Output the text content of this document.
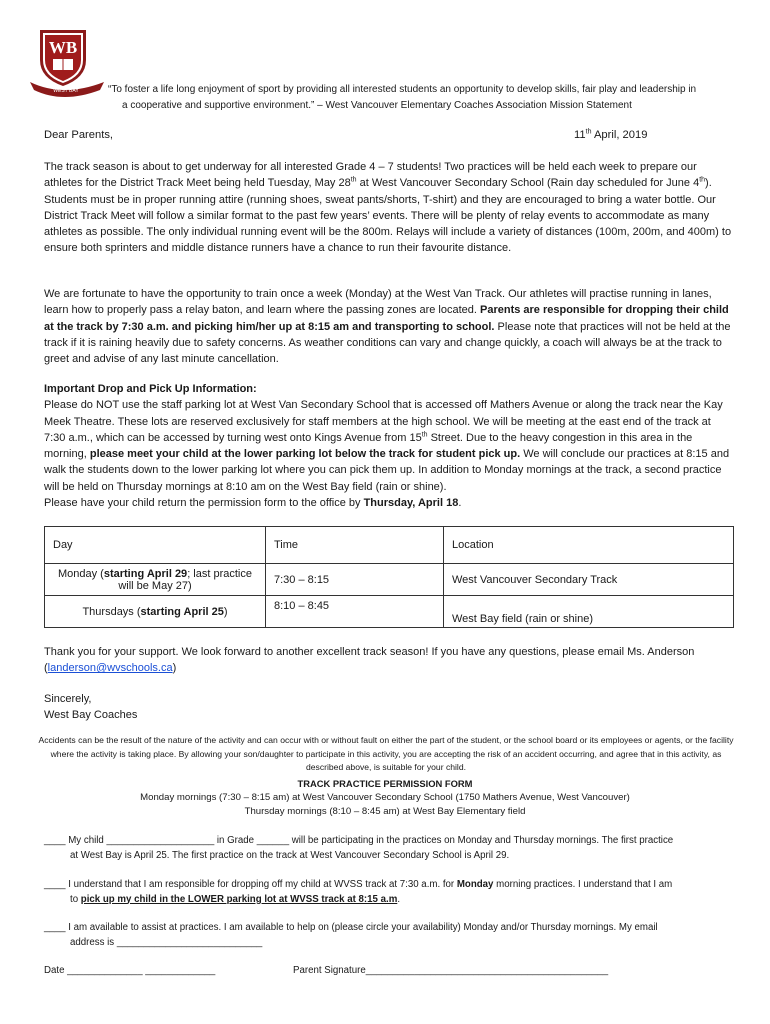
WB
WEST BAY	“To foster a life long enjoyment of sport by providing all interested students an opportunity to develop skills, fair play and leadership in
a cooperative and supportive environment.” – West Vancouver Elementary Coaches Association Mission Statement
Dear Parents,	11th April, 2019
The track season is about to get underway for all interested Grade 4 – 7 students! Two practices will be held each week to prepare our athletes for the District Track Meet being held Tuesday, May 28th at West Vancouver Secondary School (Rain day scheduled for June 4th). Students must be in proper running attire (running shoes, sweat pants/shorts, T-shirt) and they are encouraged to bring a water bottle. Our District Track Meet will follow a similar format to the past few years’ events. There will be plenty of relay events to accommodate as many athletes as possible. The only individual running event will be the 800m. Relays will include a variety of distances (100m, 200m, and 400m) to ensure both sprinters and middle distance runners have a chance to run their favourite distance.
We are fortunate to have the opportunity to train once a week (Monday) at the West Van Track. Our athletes will practise running in lanes, learn how to properly pass a relay baton, and learn where the passing zones are located. Parents are responsible for dropping their child at the track by 7:30 a.m. and picking him/her up at 8:15 am and transporting to school. Please note that practices will not be held at the track if it is raining heavily due to safety concerns. As weather conditions can vary and change quickly, a coach will always be at the track to greet and advise of any last minute cancellation.
Important Drop and Pick Up Information:
Please do NOT use the staff parking lot at West Van Secondary School that is accessed off Mathers Avenue or along the track near the Kay Meek Theatre. These lots are reserved exclusively for staff members at the high school. We will be meeting at the east end of the track at 7:30 a.m., which can be accessed by turning west onto Kings Avenue from 15th Street. Due to the heavy congestion in this area in the morning, please meet your child at the lower parking lot below the track for student pick up. We will conclude our practices at 8:15 and walk the students down to the lower parking lot where you can pick them up. In addition to Monday mornings at the track, a second practice will be held on Thursday mornings at 8:10 am on the West Bay field (rain or shine).
Please have your child return the permission form to the office by Thursday, April 18.
Day	Time	Location
Monday (starting April 29; last practice will be May 27)	7:30 – 8:15	West Vancouver Secondary Track
Thursdays (starting April 25)	8:10 – 8:45	West Bay field (rain or shine)
Thank you for your support. We look forward to another excellent track season! If you have any questions, please email Ms. Anderson (landerson@wvschools.ca)
Sincerely,
West Bay Coaches
Accidents can be the result of the nature of the activity and can occur with or without fault on either the part of the student, or the school board or its employees or agents, or the facility where the activity is taking place. By allowing your son/daughter to participate in this activity, you are accepting the risk of an accident occurring, and agree that in this activity, as described above, is suitable for your child.
TRACK PRACTICE PERMISSION FORM
Monday mornings (7:30 – 8:15 am) at West Vancouver Secondary School (1750 Mathers Avenue, West Vancouver)
Thursday mornings (8:10 – 8:45 am) at West Bay Elementary field
____ My child ____________________ in Grade ______ will be participating in the practices on Monday and Thursday mornings. The first practice
at West Bay is April 25. The first practice on the track at West Vancouver Secondary School is April 29.
____ I understand that I am responsible for dropping off my child at WVSS track at 7:30 a.m. for Monday morning practices. I understand that I am
to pick up my child in the LOWER parking lot at WVSS track at 8:15 a.m.
____ I am available to assist at practices. I am available to help on (please circle your availability) Monday and/or Thursday mornings. My email
address is ___________________________
Date ______________ _____________	Parent Signature_____________________________________________
